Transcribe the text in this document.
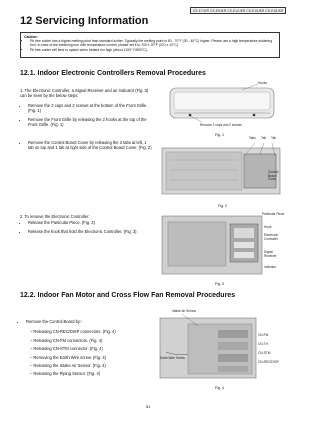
CS-E7JKR CS-E9JKR CS-E12JKR CS-E15JKR CS-E18JKR
12 Servicing Information
Caution:
• Pb free solder has a higher melting point than standard solder; Typically the melting point is 50 - 70°F (30 - 40°C) higher. Please use a high temperature soldering iron. In case of the soldering iron with temperature control, please set it to 700 ± 20°F (370 ± 10°C).
• Pb free solder will tend to splash when heated too high (about 1100° F/600°C).
12.1. Indoor Electronic Controllers Removal Procedures
1. The Electronic Controller, a Signal Receiver and an Indicator (Fig. 3) can be seen by the below steps:
• Remove the 2 caps and 2 screws at the bottom of the Front Grille. (Fig. 1)
• Remove the Front Grille by releasing the 2 hooks at the top of the Front Grille. (Fig. 1)
• Remove the Control Board Cover by releasing the 3 tabs at left, 1 tab on top and 1 tab at right side of the Control Board Cover. (Fig. 2)
Hooks
Remove 2 caps and 2 screws
Fig. 1
Tabs Tab Tab
Control Board Cover
Fig. 2
2. To remove the Electronic Controller:
• Release the Particular Piece. (Fig. 3)
• Release the hook that hold the Electronic Controller. (Fig. 3)
Particular Piece
Hook
Electronic Controller
Signal Receiver
Indicator
Fig. 3
12.2. Indoor Fan Motor and Cross Flow Fan Removal Procedures
• Remove the Control Board by:-
– Releasing CN-REC/DISP connectors. (Fig. 4)
– Releasing CN-FM connectors. (Fig. 4)
– Releasing CN-STM connector. (Fig. 4)
– Removing the Earth Wire screw. (Fig. 4)
– Releasing the Intake Air Sensor. (Fig. 4)
– Releasing the Piping Sensor. (Fig. 4)
Intake Air Sensor
Earth Wire Screw
CN-FM
CN-TH
CN-STM
CN-REC/DISP
Fig. 4
51
